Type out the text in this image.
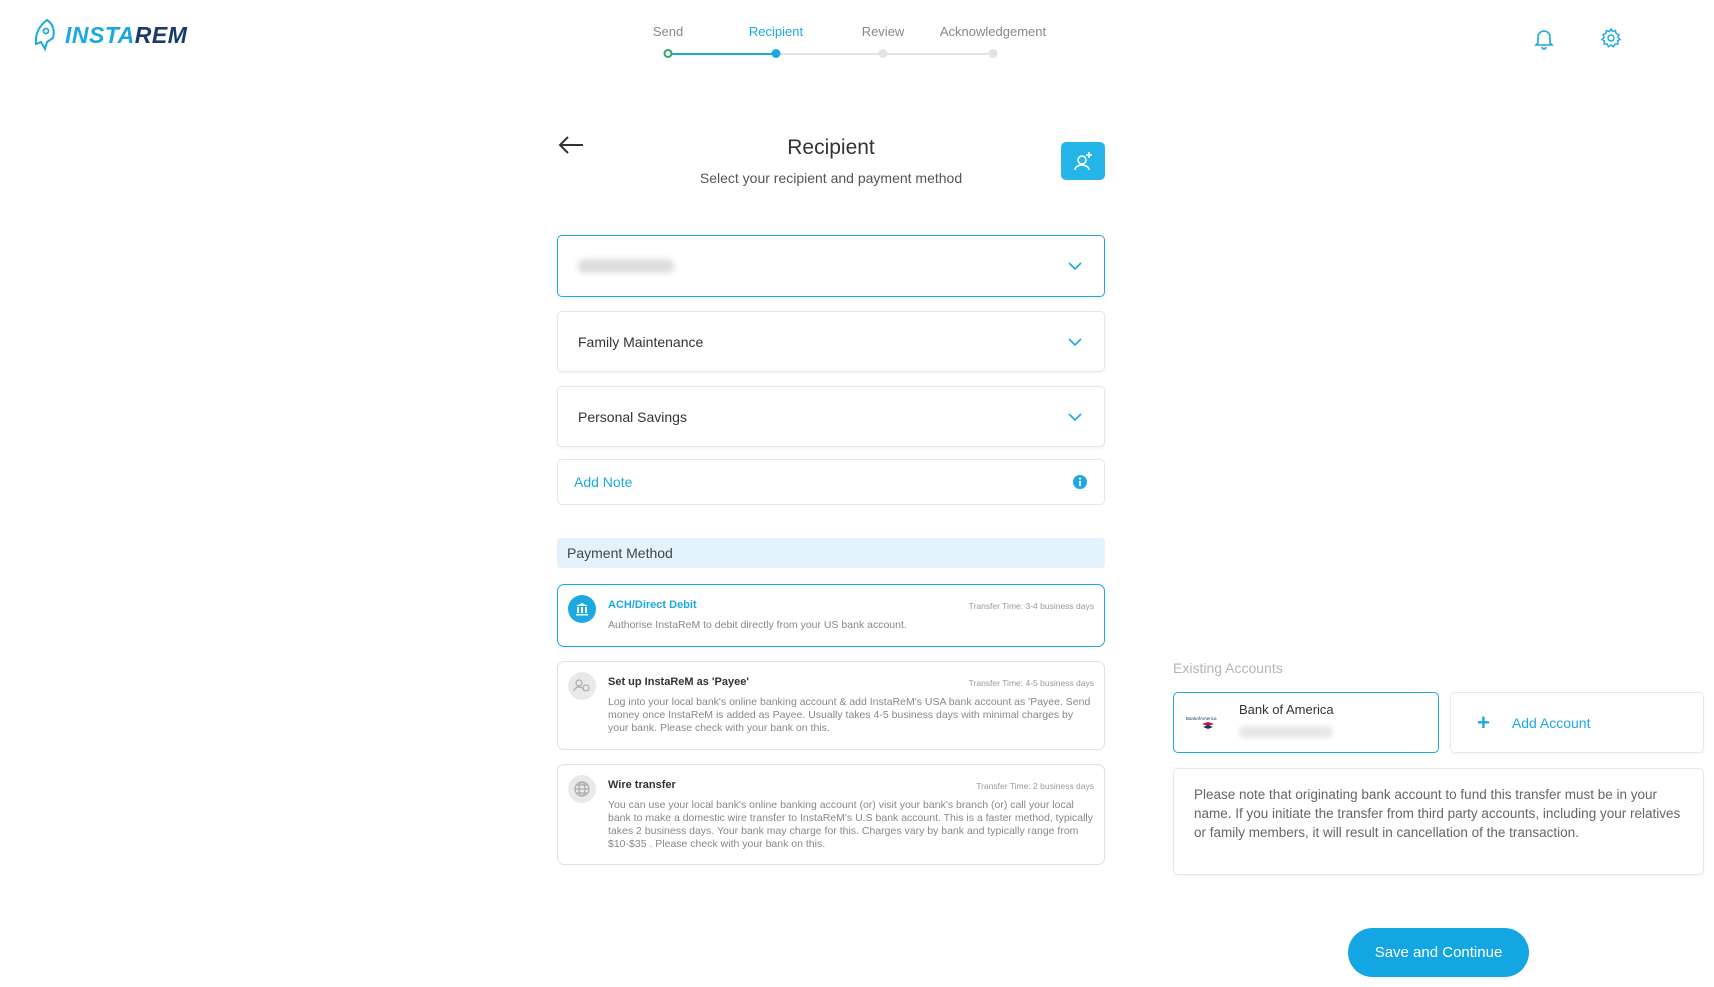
INSTAREM	Send	Recipient	Review	Acknowledgement
Recipient
Select your recipient and payment method
Family Maintenance
Personal Savings
Add Note
Payment Method
ACH/Direct Debit	Transfer Time: 3-4 business days
Authorise InstaReM to debit directly from your US bank account.
Set up InstaReM as 'Payee'	Transfer Time: 4-5 business days
Log into your local bank's online banking account & add InstaReM's USA bank account as 'Payee. Send money once InstaReM is added as Payee. Usually takes 4-5 business days with minimal charges by your bank. Please check with your bank on this.
Wire transfer	Transfer Time: 2 business days
You can use your local bank's online banking account (or) visit your bank's branch (or) call your local bank to make a domestic wire transfer to InstaReM's U.S bank account. This is a faster method, typically takes 2 business days. Your bank may charge for this. Charges vary by bank and typically range from $10-$35 . Please check with your bank on this.
Existing Accounts
BankofAmerica
Bank of America	+ Add Account
Please note that originating bank account to fund this transfer must be in your name. If you initiate the transfer from third party accounts, including your relatives or family members, it will result in cancellation of the transaction.
Save and Continue
